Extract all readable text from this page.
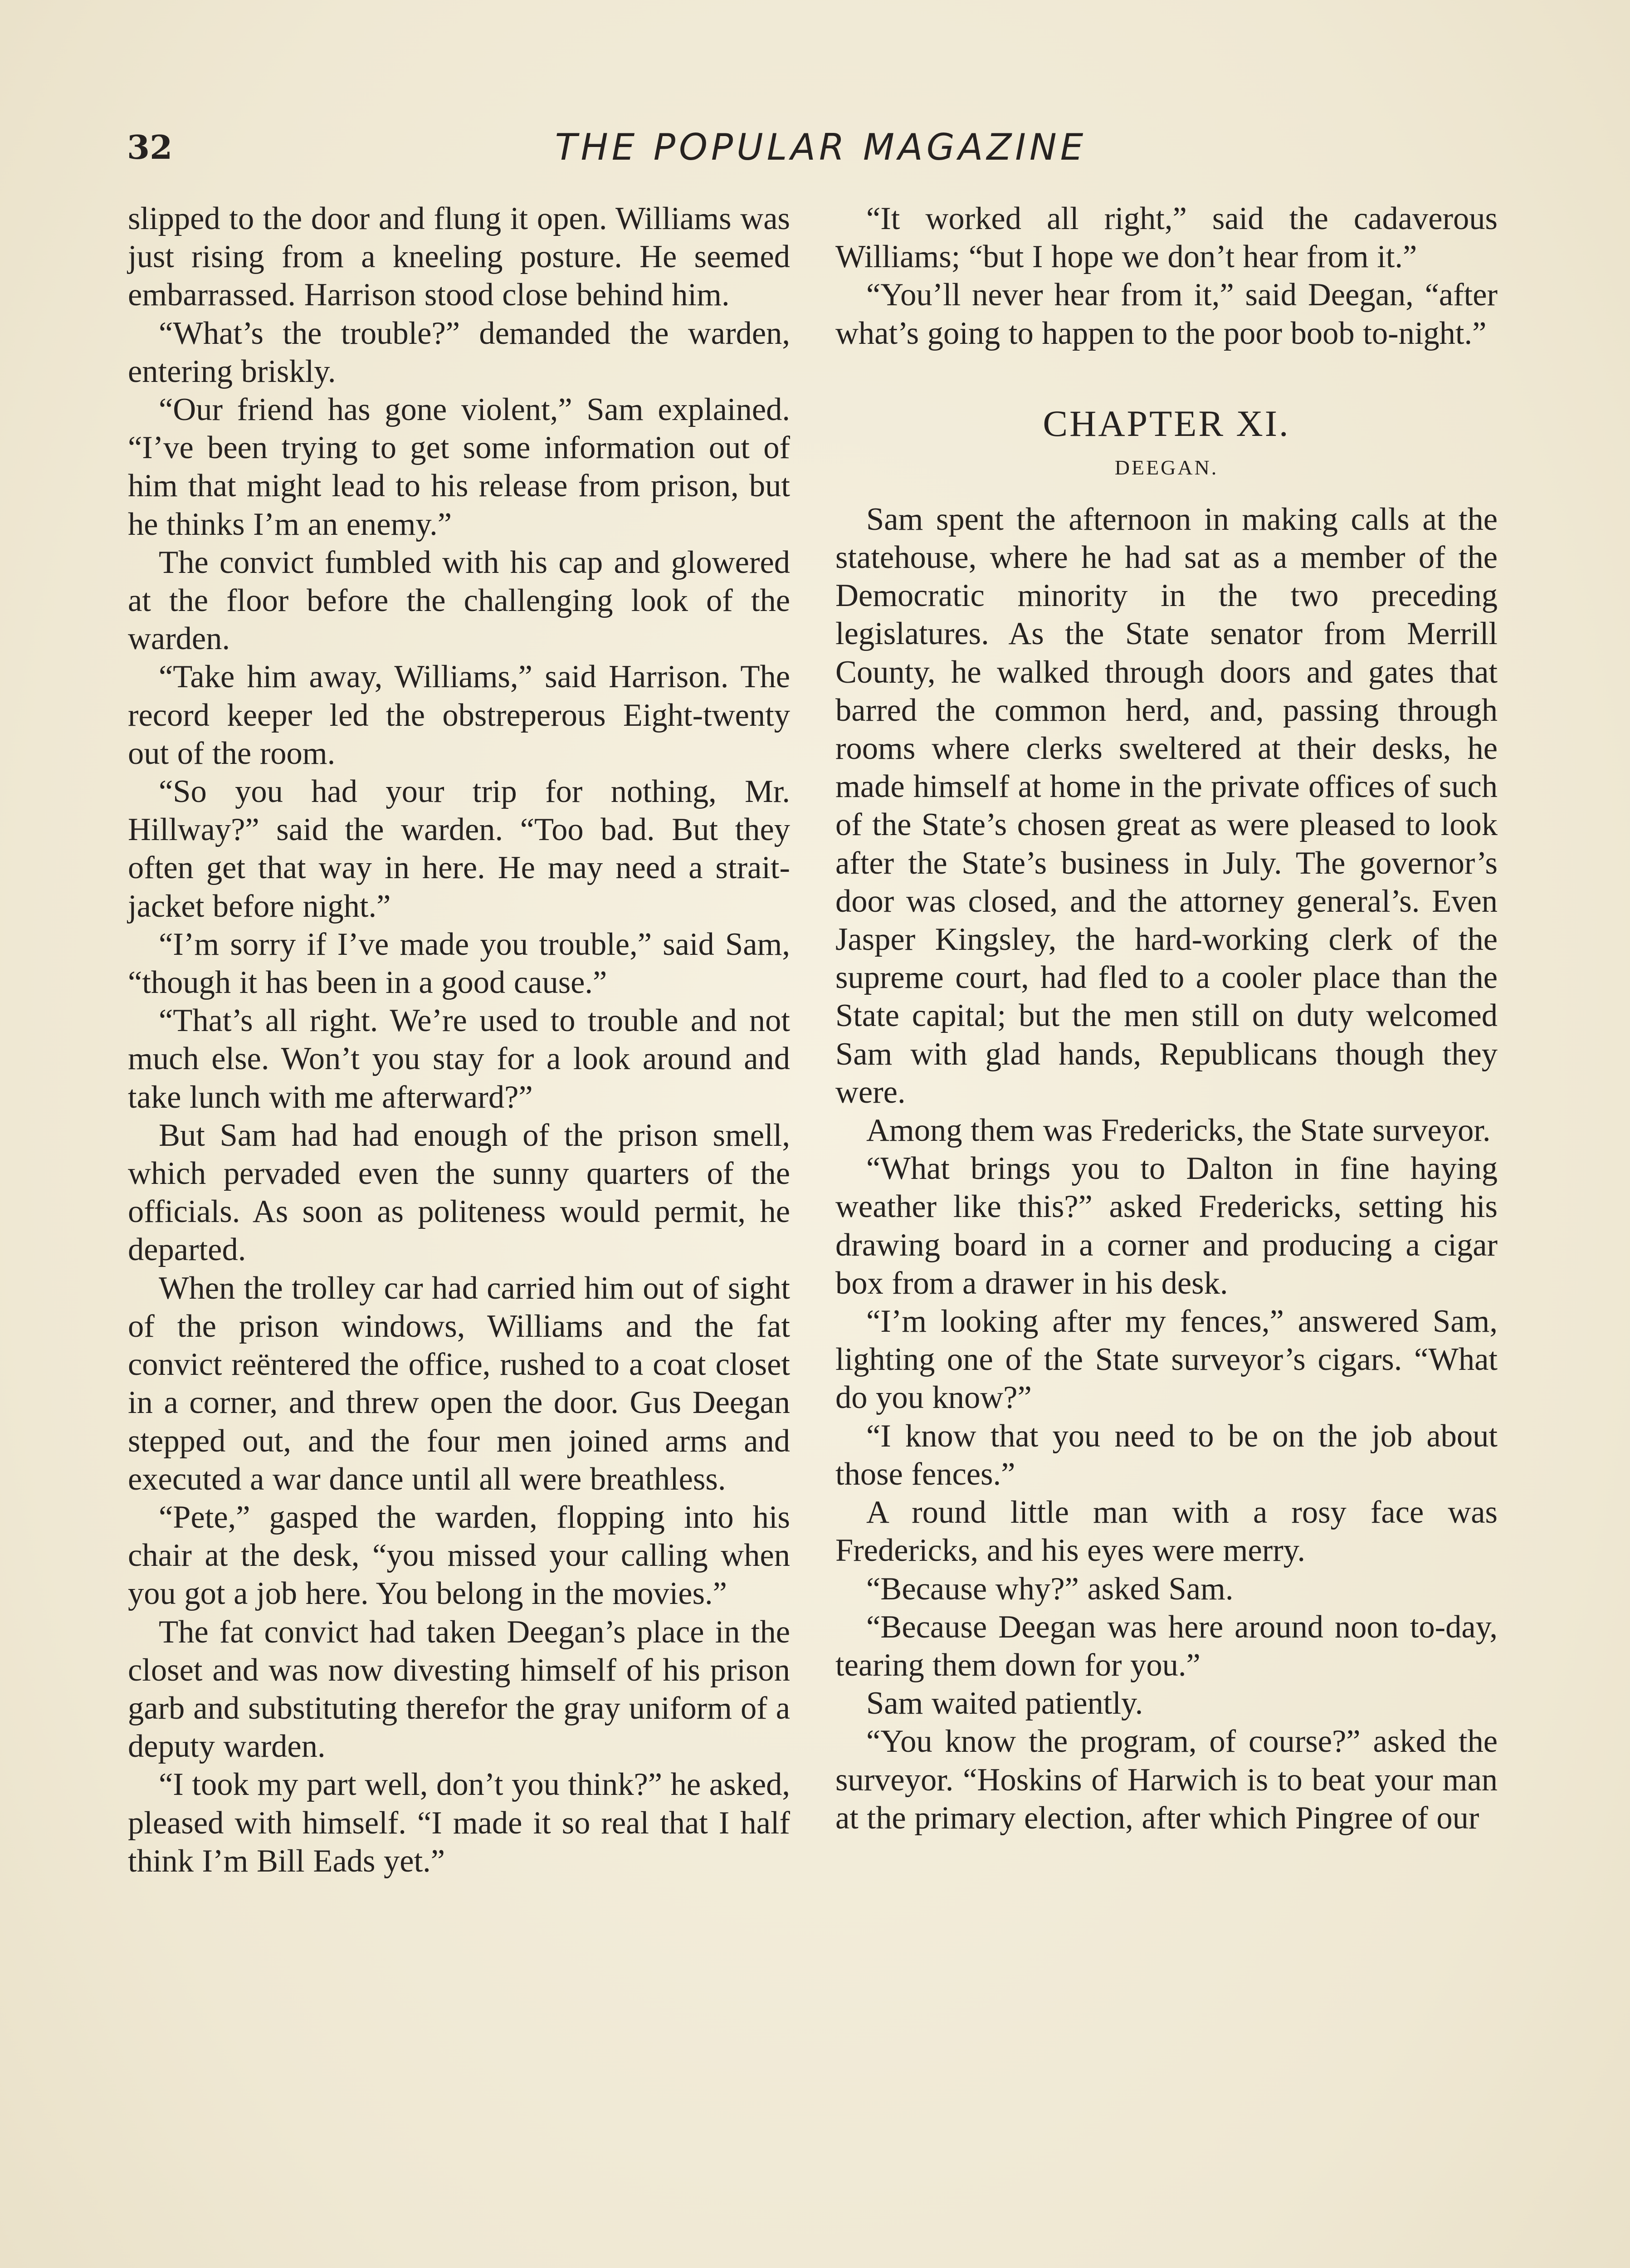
32	THE POPULAR MAGAZINE

slipped to the door and flung it open. Williams was just rising from a kneeling posture. He seemed embarrassed. Harrison stood close behind him.

“What’s the trouble?” demanded the warden, entering briskly.

“Our friend has gone violent,” Sam explained. “I’ve been trying to get some information out of him that might lead to his release from prison, but he thinks I’m an enemy.”

The convict fumbled with his cap and glowered at the floor before the challenging look of the warden.

“Take him away, Williams,” said Harrison. The record keeper led the obstreperous Eight-twenty out of the room.

“So you had your trip for nothing, Mr. Hillway?” said the warden. “Too bad. But they often get that way in here. He may need a strait-jacket before night.”

“I’m sorry if I’ve made you trouble,” said Sam, “though it has been in a good cause.”

“That’s all right. We’re used to trouble and not much else. Won’t you stay for a look around and take lunch with me afterward?”

But Sam had had enough of the prison smell, which pervaded even the sunny quarters of the officials. As soon as politeness would permit, he departed.

When the trolley car had carried him out of sight of the prison windows, Williams and the fat convict reëntered the office, rushed to a coat closet in a corner, and threw open the door. Gus Deegan stepped out, and the four men joined arms and executed a war dance until all were breathless.

“Pete,” gasped the warden, flopping into his chair at the desk, “you missed your calling when you got a job here. You belong in the movies.”

The fat convict had taken Deegan’s place in the closet and was now divesting himself of his prison garb and substituting therefor the gray uniform of a deputy warden.

“I took my part well, don’t you think?” he asked, pleased with himself. “I made it so real that I half think I’m Bill Eads yet.”

“It worked all right,” said the cadaverous Williams; “but I hope we don’t hear from it.”

“You’ll never hear from it,” said Deegan, “after what’s going to happen to the poor boob to-night.”

CHAPTER XI.
DEEGAN.

Sam spent the afternoon in making calls at the statehouse, where he had sat as a member of the Democratic minority in the two preceding legislatures. As the State senator from Merrill County, he walked through doors and gates that barred the common herd, and, passing through rooms where clerks sweltered at their desks, he made himself at home in the private offices of such of the State’s chosen great as were pleased to look after the State’s business in July. The governor’s door was closed, and the attorney general’s. Even Jasper Kingsley, the hard-working clerk of the supreme court, had fled to a cooler place than the State capital; but the men still on duty welcomed Sam with glad hands, Republicans though they were.

Among them was Fredericks, the State surveyor.

“What brings you to Dalton in fine haying weather like this?” asked Fredericks, setting his drawing board in a corner and producing a cigar box from a drawer in his desk.

“I’m looking after my fences,” answered Sam, lighting one of the State surveyor’s cigars. “What do you know?”

“I know that you need to be on the job about those fences.”

A round little man with a rosy face was Fredericks, and his eyes were merry.

“Because why?” asked Sam.

“Because Deegan was here around noon to-day, tearing them down for you.”

Sam waited patiently.

“You know the program, of course?” asked the surveyor. “Hoskins of Harwich is to beat your man at the primary election, after which Pingree of our
